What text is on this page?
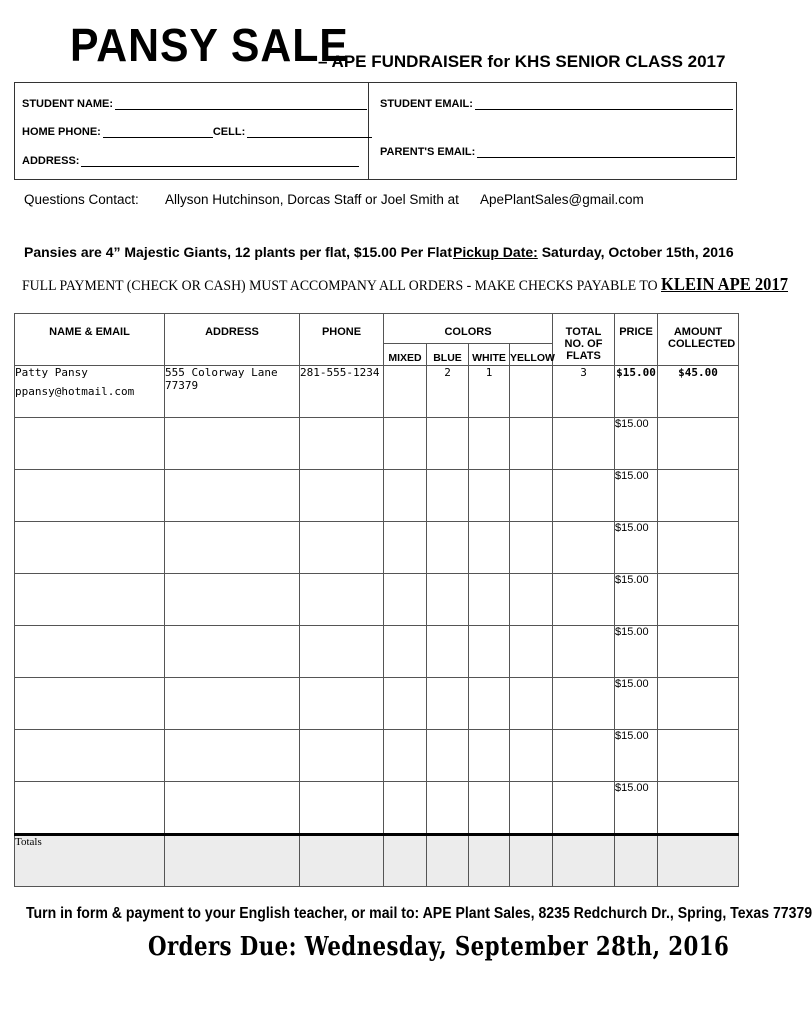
PANSY SALE
– APE FUNDRAISER for KHS SENIOR CLASS 2017
STUDENT NAME:
HOME PHONE:	CELL:
ADDRESS:
STUDENT EMAIL:
PARENT'S EMAIL:
Questions Contact: Allyson Hutchinson, Dorcas Staff or Joel Smith at ApePlantSales@gmail.com
Pansies are 4” Majestic Giants, 12 plants per flat, $15.00 Per Flat Pickup Date: Saturday, October 15th, 2016
FULL PAYMENT (CHECK OR CASH) MUST ACCOMPANY ALL ORDERS - MAKE CHECKS PAYABLE TO KLEIN APE 2017
NAME & EMAIL	ADDRESS	PHONE	COLORS				TOTAL NO. OF FLATS	PRICE	AMOUNT COLLECTED
			MIXED	BLUE	WHITE	YELLOW			

Patty Pansy
ppansy@hotmail.com	555 Colorway Lane 77379	281-555-1234		2	1		3	$15.00	$45.00
								$15.00	
								$15.00	
								$15.00	
								$15.00	
								$15.00	
								$15.00	
								$15.00	
								$15.00	
Totals									
Turn in form & payment to your English teacher, or mail to: APE Plant Sales, 8235 Redchurch Dr., Spring, Texas 77379
Orders Due: Wednesday, September 28th, 2016
